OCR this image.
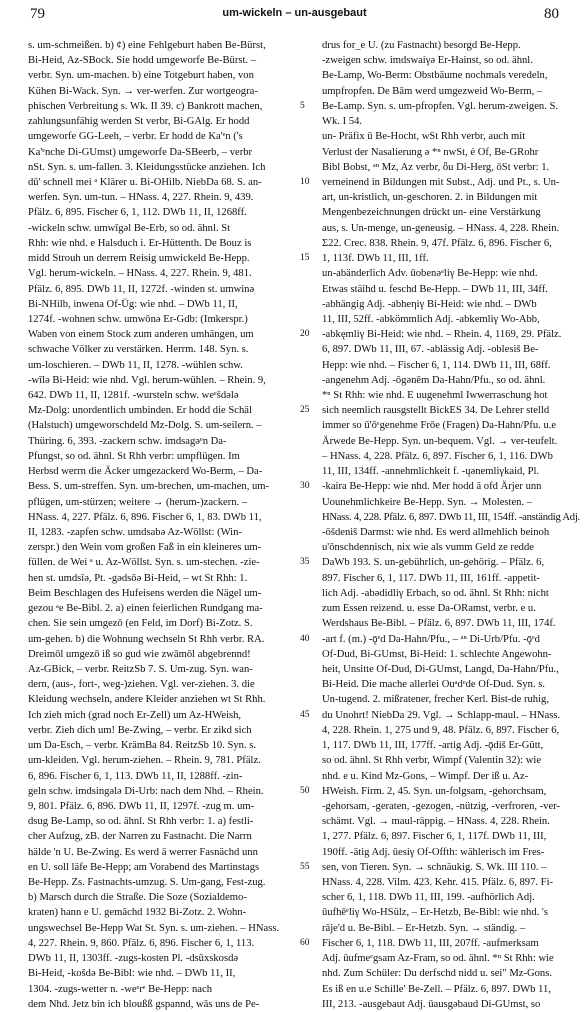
79	um-wickeln – un-ausgebaut	80
s. um-schmeißen. b) ¢) eine Fehlgeburt haben Be-Bürst,
Bi-Heid, Az-SBock. Sie hodd umgeworfe Be-Bürst. –
verbr. Syn. um-machen. b) eine Totgeburt haben, von
Kühen Bi-Wack. Syn. → ver-werfen. Zur wortgeogra-
phischen Verbreitung s. Wk. II 39. c) Bankrott machen,
zahlungsunfähig werden St verbr, Bi-GAlg. Er hodd
umgeworfe GG-Leeh, – verbr. Er hodd de Ka'ᵉn ('s
Ka'ᵉnche Di-GUmst) umgeworfe Da-SBeerb, – verbr
nSt. Syn. s. um-fallen. 3. Kleidungsstücke anziehen. Ich
dū' schnell mei ᵃ Klärer u. Bi-OHilb. NiebDa 68. S. an-
werfen. Syn. um-tun. – HNass. 4, 227. Rhein. 9, 439.
Pfälz. 6, 895. Fischer 6, 1, 112. DWb 11, II, 1268ff.
-wickeln schw. umwīgəl Be-Erb, so od. ähnl. St
Rhh: wie nhd. e Halsduch i. Er-Hüttenth. De Bouz is
midd Strouh un derrem Reisig umwickeld Be-Hepp.
Vgl. herum-wickeln. – HNass. 4, 227. Rhein. 9, 481.
Pfälz. 6, 895. DWb 11, II, 1272f. -winden st. umwinə
Bi-NHilb, inwena Of-Üg: wie nhd. – DWb 11, II,
1274f. -wohnen schw. umwōnə Er-Gdb: (Imkerspr.)
Waben von einem Stock zum anderen umhängen, um
schwache Völker zu verstärken. Herrm. 148. Syn. s.
um-loschieren. – DWb 11, II, 1278. -wühlen schw.
-wīlə Bi-Heid: wie nhd. Vgl. herum-wühlen. – Rhein. 9,
642. DWb 11, II, 1281f. -wursteln schw. weᵉšdələ
Mz-Dolg: unordentlich umbinden. Er hodd die Schäl
(Halstuch) umgeworschdeld Mz-Dolg. S. um-seilern. –
Thüring. 6, 393. -zackern schw. imdsagəᵉn Da-
Pfungst, so od. ähnl. St Rhh verbr: umpflügen. Im
Herbsd werrn die Äcker umgezackerd Wo-Berm, – Da-
Bess. S. um-streffen. Syn. um-brechen, um-machen, um-
pflügen, um-stürzen; weitere → (herum-)zackern. –
HNass. 4, 227. Pfälz. 6, 896. Fischer 6, 1, 83. DWb 11,
II, 1283. -zapfen schw. umdsabə Az-Wöllst: (Win-
zerspr.) den Wein vom großen Faß in ein kleineres um-
füllen. de Wei ᵃ u. Az-Wöllst. Syn. s. um-stechen. -zie-
hen st. umdsīə, Pt. -gədsōə Bi-Heid, – wt St Rhh: 1.
Beim Beschlagen des Hufeisens werden die Nägel um-
gezou ᵃe Be-Bibl. 2. a) einen feierlichen Rundgang ma-
chen. Sie sein umgezō (en Feld, im Dorf) Bi-Zotz. S.
um-gehen. b) die Wohnung wechseln St Rhh verbr. RA.
Dreimōl umgezō iß so gud wie zwāmōl abgebrennd!
Az-GBick, – verbr. ReitzSb 7. S. Um-zug. Syn. wan-
dern, (aus-, fort-, weg-)ziehen. Vgl. ver-ziehen. 3. die
Kleidung wechseln, andere Kleider anziehen wt St Rhh.
Ich zieh mich (grad noch Er-Zell) um Az-HWeish,
verbr. Zieh dich um! Be-Zwing, – verbr. Er zikd sich
um Da-Esch, – verbr. KrämBa 84. ReitzSb 10. Syn. s.
um-kleiden. Vgl. herum-ziehen. – Rhein. 9, 781. Pfälz.
6, 896. Fischer 6, 1, 113. DWb 11, II, 1288ff. -zin-
geln schw. imdsingələ Di-Urb: nach dem Nhd. – Rhein.
9, 801. Pfälz. 6, 896. DWb 11, II, 1297f. -zug m. um-
dsug Be-Lamp, so od. ähnl. St Rhh verbr: 1. a) festli-
cher Aufzug, zB. der Narren zu Fastnacht. Die Narrn
hälde 'n U. Be-Zwing. Es werd ä werrer Fasnächd unn
en U. soll läfe Be-Hepp; am Vorabend des Martinstags
Be-Hepp. Zs. Fastnachts-umzug. S. Um-gang, Fest-zug.
b) Marsch durch die Straße. Die Soze (Sozialdemo-
kraten) hann e U. gemāchd 1932 Bi-Zotz. 2. Wohn-
ungswechsel Be-Hepp Wat St. Syn. s. um-ziehen. – HNass.
4, 227. Rhein. 9, 860. Pfälz. 6, 896. Fischer 6, 1, 113.
DWb 11, II, 1303ff. -zugs-kosten Pl. -dsūxskosdə
Bi-Heid, -košdə Be-Bibl: wie nhd. – DWb 11, II,
1304. -zugs-wetter n. -weᵉrᵉ Be-Hepp: nach
dem Nhd. Jetz bin ich bloußß gspannd, wās uns de Pe-
5
10
15
20
25
30
35
40
45
50
55
60
drus for_e U. (zu Fastnacht) besorgd Be-Hepp.
-zweigen schw. imdswaiγə Er-Hainst, so od. ähnl.
Be-Lamp, Wo-Berm: Obstbäume nochmals veredeln,
umpfropfen. De Bām werd umgezweid Wo-Berm, –
Be-Lamp. Syn. s. um-pfropfen. Vgl. herum-zweigen. S.
Wk. I 54.
un- Präfix ū Be-Hocht, wSt Rhh verbr, auch mit
Verlust der Nasalierung ə *ⁿ nwSt, ė Of, Be-GRohr
Bibl Bobst, ᵃⁿ Mz, Az verbr, ȫu Di-Herg, ōSt verbr: 1.
verneinend in Bildungen mit Subst., Adj. und Pt., s. Un-
art, un-kristlich, un-geschoren. 2. in Bildungen mit
Mengenbezeichnungen drückt un- eine Verstärkung
aus, s. Un-menge, un-geneusig. – HNass. 4, 228. Rhein.
Σ22. Crec. 838. Rhein. 9, 47f. Pfälz. 6, 896. Fischer 6,
1, 113f. DWb 11, III, 1ff.
un-abänderlich Adv. ūobenəᵃliγ Be-Hepp: wie nhd.
Etwas stäihd u. feschd Be-Hepp. – DWb 11, III, 34ff.
-abhängig Adj. -abheηiγ Bi-Heid: wie nhd. – DWb
11, III, 52ff. -abkömmlich Adj. -abkemliγ Wo-Abb,
-abkęmliγ Bi-Heid: wie nhd. – Rhein. 4, 1169, 29. Pfälz.
6, 897. DWb 11, III, 67. -ablässig Adj. -oblesiš Be-
Hepp: wie nhd. – Fischer 6, 1, 114. DWb 11, III, 68ff.
-angenehm Adj. -ōgənēm Da-Hahn/Pfu., so od. ähnl.
*ⁿ St Rhh: wie nhd. E uugenehml Iwwerraschung hot
sich neemlich rausgstellt BickES 34. De Lehrer stelld
immer so ū'ōᵉgenehme Frōe (Fragen) Da-Hahn/Pfu. u.e
Ärwede Be-Hepp. Syn. un-bequem. Vgl. → ver-teufelt.
– HNass. 4, 228. Pfälz. 6, 897. Fischer 6, 1, 116. DWb
11, III, 134ff. -annehmlichkeit f. -ųənemliγkaid, Pl.
-kaira Be-Hepp: wie nhd. Mer hodd ä ofd Ärjer unn
Uounehmlichkeire Be-Hepp. Syn. → Molesten. –
HNass. 4, 228. Pfälz. 6, 897. DWb 11, III, 154ff. -anständig Adj.
-ōšdeniš Darmst: wie nhd. Es werd allmehlich beinoh
u'ōnschdennisch, nix wie als vumm Geld ze redde
DaWb 193. S. un-gebührlich, un-gehörig. – Pfälz. 6,
897. Fischer 6, 1, 117. DWb 11, III, 161ff. -appetit-
lich Adj. -abədidliγ Erbach, so od. ähnl. St Rhh: nicht
zum Essen reizend. u. esse Da-ORamst, verbr. e u.
Werdshaus Be-Bibl. – Pfälz. 6, 897. DWb 11, III, 174f.
-art f. (m.) -ǭᵉd Da-Hahn/Pfu., – ᵃⁿ Di-Urb/Pfu. -ǭᵉd
Of-Dud, Bi-GUmst, Bi-Heid: 1. schlechte Angewohn-
heit, Unsitte Of-Dud, Di-GUmst, Langd, Da-Hahn/Pfu.,
Bi-Heid. Die mache allerlei Ouᵃdᵉde Of-Dud. Syn. s.
Un-tugend. 2. mißratener, frecher Kerl. Bist-de ruhig,
du Unohrt! NiebDa 29. Vgl. → Schlapp-maul. – HNass.
4, 228. Rhein. 1, 275 und 9, 48. Pfälz. 6, 897. Fischer 6,
1, 117. DWb 11, III, 177ff. -artig Adj. -ǭdiš Er-Gütt,
so od. ähnl. St Rhh verbr, Wimpf (Valentin 32): wie
nhd. e u. Kind Mz-Gons, – Wimpf. Der iß u. Az-
HWeish. Firm. 2, 45. Syn. un-folgsam, -gehorchsam,
-gehorsam, -geraten, -gezogen, -nützig, -verfroren, -ver-
schämt. Vgl. → maul-räppig. – HNass. 4, 228. Rhein.
1, 277. Pfälz. 6, 897. Fischer 6, 1, 117f. DWb 11, III,
190ff. -ätig Adj. ūesiγ Of-Offth: wählerisch im Fres-
sen, von Tieren. Syn. → schnäukig. S. Wk. III 110. –
HNass. 4, 228. Vilm. 423. Kehr. 415. Pfälz. 6, 897. Fi-
scher 6, 1, 118. DWb 11, III, 199. -aufhörlich Adj.
ūufhēᵉliγ Wo-HSülz, – Er-Hetzb, Be-Bibl: wie nhd. 's
rāje'd u. Be-Bibl. – Er-Hetzb. Syn. → ständig. –
Fischer 6, 1, 118. DWb 11, III, 207ff. -aufmerksam
Adj. ūufmeᵉgsam Az-Fram, so od. ähnl. *ⁿ St Rhh: wie
nhd. Zum Schüler: Du derfschd nidd u. sei" Mz-Gons.
Es iß en u.e Schille' Be-Zell. – Pfälz. 6, 897. DWb 11,
III, 213. -ausgebaut Adj. ūausgəbaud Di-GUmst, so
